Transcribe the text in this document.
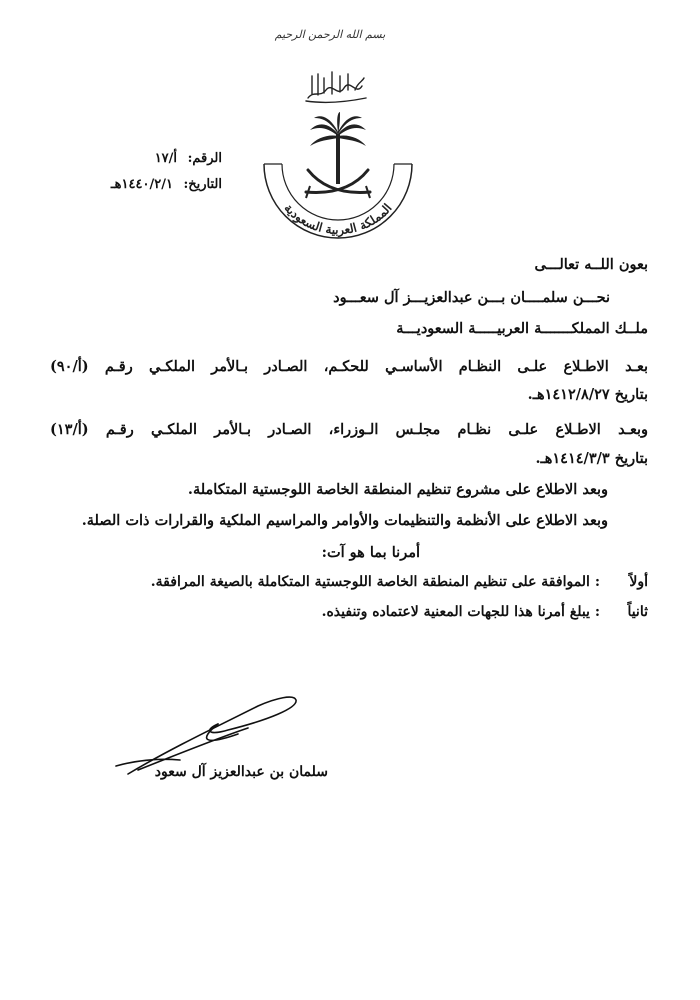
بسم الله الرحمن الرحيم
المملكة العربية السعودية
الرقم: أ/١٧
التاريخ: ١٤٤٠/٢/١هـ
بعون اللــه تعالـــى
نحـــن سلمــــان بـــن عبدالعزيـــز آل سعـــود
ملــك المملكـــــــة العربيـــــة السعوديـــة
بعـد الاطـلاع علـى النظـام الأساسـي للحكـم، الصـادر بـالأمر الملكـي رقـم (أ/٩٠)
بتاريخ ١٤١٢/٨/٢٧هـ.
وبعـد الاطـلاع علـى نظـام مجلـس الـوزراء، الصـادر بـالأمر الملكـي رقـم (أ/١٣)
بتاريخ ١٤١٤/٣/٣هـ.
وبعد الاطلاع على مشروع تنظيم المنطقة الخاصة اللوجستية المتكاملة.
وبعد الاطلاع على الأنظمة والتنظيمات والأوامر والمراسيم الملكية والقرارات ذات الصلة.
أمرنا بما هو آت:
أولاً
: الموافقة على تنظيم المنطقة الخاصة اللوجستية المتكاملة بالصيغة المرافقة.
ثانياً
: يبلغ أمرنا هذا للجهات المعنية لاعتماده وتنفيذه.
سلمان بن عبدالعزيز آل سعود
